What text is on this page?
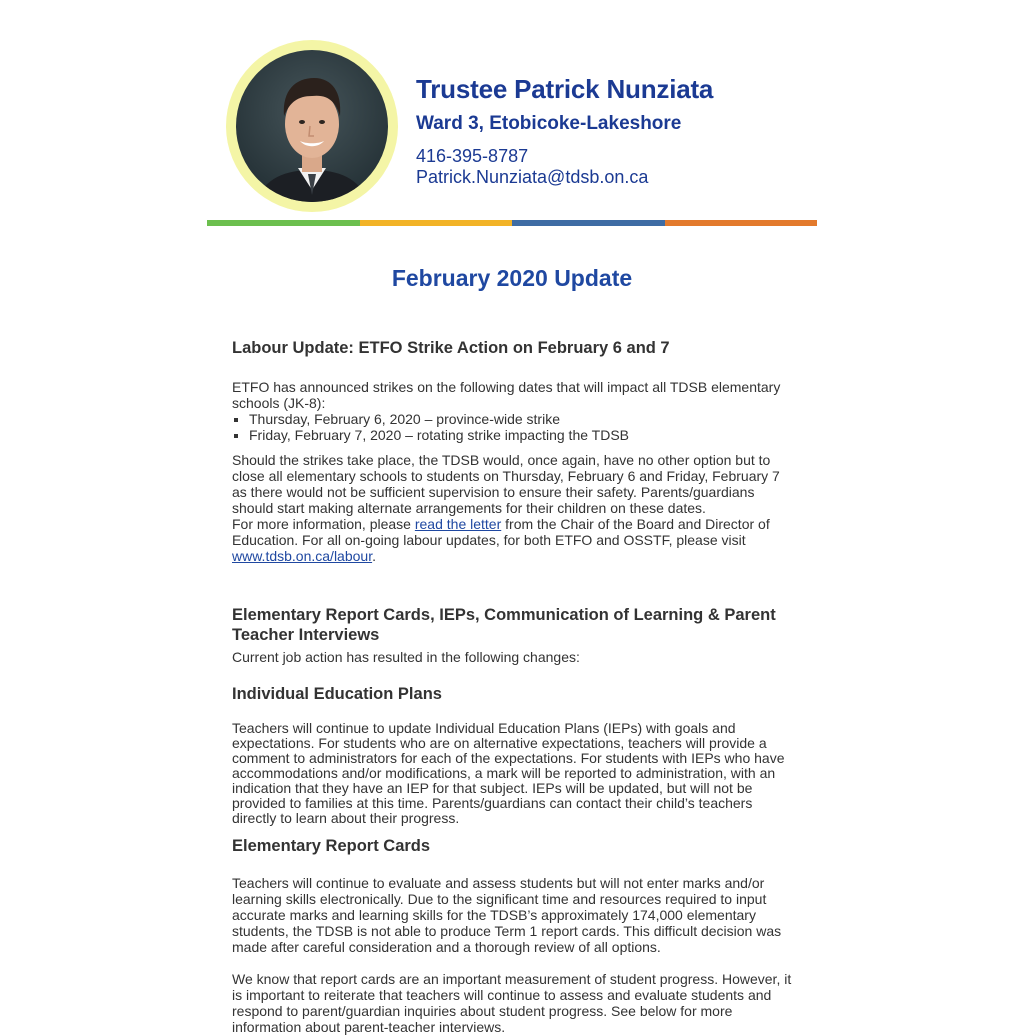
Trustee Patrick Nunziata
Ward 3, Etobicoke-Lakeshore
416-395-8787
Patrick.Nunziata@tdsb.on.ca
February 2020 Update
Labour Update: ETFO Strike Action on February 6 and 7

ETFO has announced strikes on the following dates that will impact all TDSB elementary schools (JK-8):

▪ Thursday, February 6, 2020 – province-wide strike
▪ Friday, February 7, 2020 – rotating strike impacting the TDSB

Should the strikes take place, the TDSB would, once again, have no other option but to close all elementary schools to students on Thursday, February 6 and Friday, February 7 as there would not be sufficient supervision to ensure their safety. Parents/guardians should start making alternate arrangements for their children on these dates.

For more information, please read the letter from the Chair of the Board and Director of Education. For all on-going labour updates, for both ETFO and OSSTF, please visit www.tdsb.on.ca/labour.

Elementary Report Cards, IEPs, Communication of Learning & Parent Teacher Interviews

Current job action has resulted in the following changes:

Individual Education Plans

Teachers will continue to update Individual Education Plans (IEPs) with goals and expectations. For students who are on alternative expectations, teachers will provide a comment to administrators for each of the expectations. For students with IEPs who have accommodations and/or modifications, a mark will be reported to administration, with an indication that they have an IEP for that subject. IEPs will be updated, but will not be provided to families at this time. Parents/guardians can contact their child’s teachers directly to learn about their progress.

Elementary Report Cards

Teachers will continue to evaluate and assess students but will not enter marks and/or learning skills electronically. Due to the significant time and resources required to input accurate marks and learning skills for the TDSB’s approximately 174,000 elementary students, the TDSB is not able to produce Term 1 report cards. This difficult decision was made after careful consideration and a thorough review of all options.

We know that report cards are an important measurement of student progress. However, it is important to reiterate that teachers will continue to assess and evaluate students and respond to parent/guardian inquiries about student progress. See below for more information about parent-teacher interviews.
